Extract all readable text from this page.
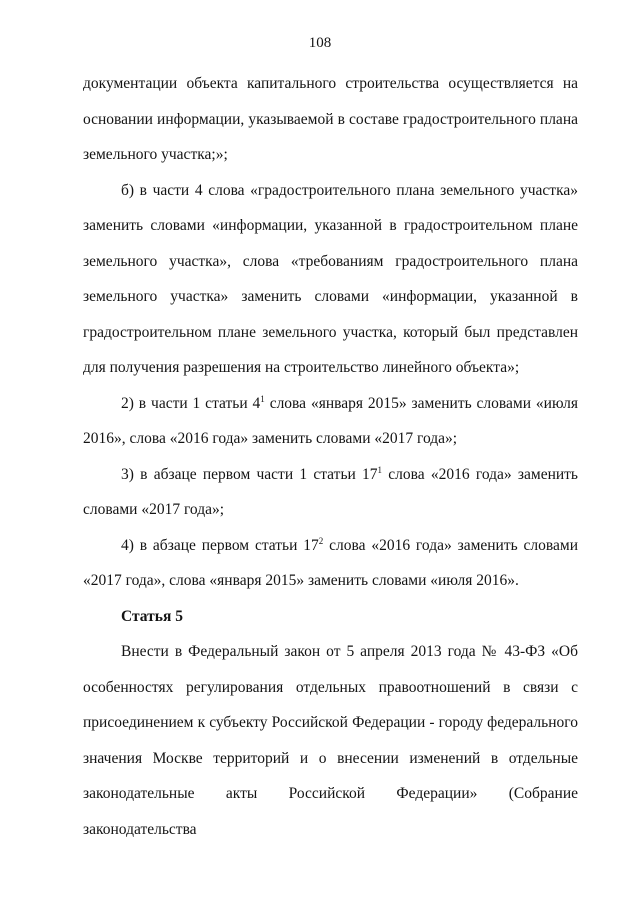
108

документации объекта капитального строительства осуществляется на основании информации, указываемой в составе градостроительного плана земельного участка;»;

б) в части 4 слова «градостроительного плана земельного участка» заменить словами «информации, указанной в градостроительном плане земельного участка», слова «требованиям градостроительного плана земельного участка» заменить словами «информации, указанной в градостроительном плане земельного участка, который был представлен для получения разрешения на строительство линейного объекта»;

2) в части 1 статьи $4^1$ слова «января 2015» заменить словами «июля 2016», слова «2016 года» заменить словами «2017 года»;

3) в абзаце первом части 1 статьи $17^1$ слова «2016 года» заменить словами «2017 года»;

4) в абзаце первом статьи $17^2$ слова «2016 года» заменить словами «2017 года», слова «января 2015» заменить словами «июля 2016».

Статья 5

Внести в Федеральный закон от 5 апреля 2013 года № 43-ФЗ «Об особенностях регулирования отдельных правоотношений в связи с присоединением к субъекту Российской Федерации - городу федерального значения Москве территорий и о внесении изменений в отдельные законодательные акты Российской Федерации» (Собрание законодательства
